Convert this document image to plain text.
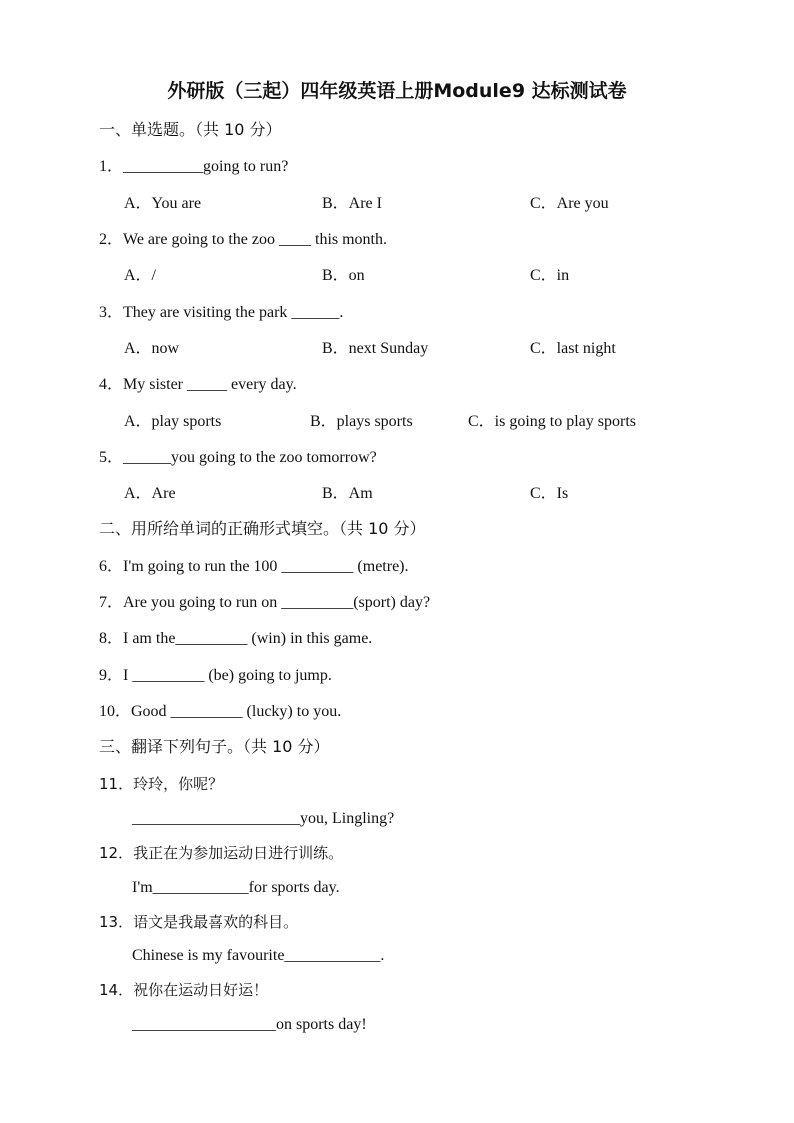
外研版（三起）四年级英语上册Module9 达标测试卷
一、单选题。（共 10 分）
1．__________going to run?
A．You are	B．Are I	C．Are you
2．We are going to the zoo ____ this month.
A．/	B．on	C．in
3．They are visiting the park ______.
A．now	B．next Sunday	C．last night
4．My sister _____ every day.
A．play sports	B．plays sports	C．is going to play sports
5．______you going to the zoo tomorrow?
A．Are	B．Am	C．Is
二、用所给单词的正确形式填空。（共 10 分）
6．I'm going to run the 100 _________ (metre).
7．Are you going to run on _________(sport) day?
8．I am the_________ (win) in this game.
9．I _________ (be) going to jump.
10．Good _________ (lucky) to you.
三、翻译下列句子。（共 10 分）
11．玲玲，你呢？
_____________________you, Lingling?
12．我正在为参加运动日进行训练。
I'm____________for sports day.
13．语文是我最喜欢的科目。
Chinese is my favourite____________.
14．祝你在运动日好运！
__________________on sports day!
